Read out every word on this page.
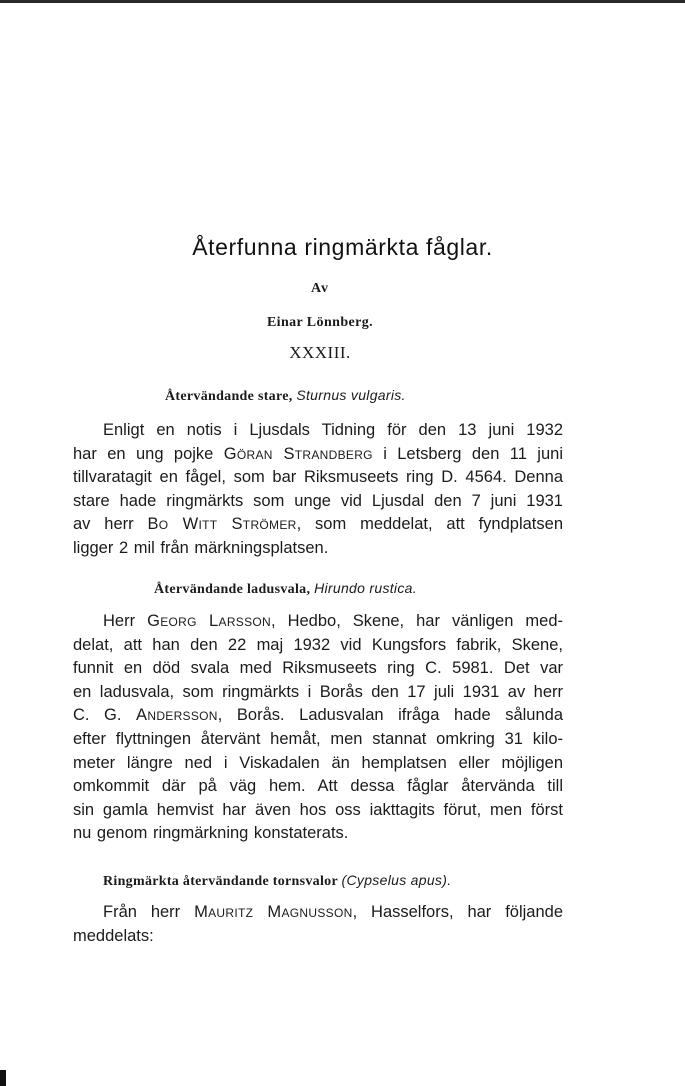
Återfunna ringmärkta fåglar.
Av
Einar Lönnberg.
XXXIII.
Återvändande stare, Sturnus vulgaris.
Enligt en notis i Ljusdals Tidning för den 13 juni 1932
har en ung pojke Göran Strandberg i Letsberg den 11 juni
tillvaratagit en fågel, som bar Riksmuseets ring D. 4564. Denna
stare hade ringmärkts som unge vid Ljusdal den 7 juni 1931
av herr Bo Witt Strömer, som meddelat, att fyndplatsen
ligger 2 mil från märkningsplatsen.
Återvändande ladusvala, Hirundo rustica.
Herr Georg Larsson, Hedbo, Skene, har vänligen med-
delat, att han den 22 maj 1932 vid Kungsfors fabrik, Skene,
funnit en död svala med Riksmuseets ring C. 5981. Det var
en ladusvala, som ringmärkts i Borås den 17 juli 1931 av herr
C. G. Andersson, Borås. Ladusvalan ifråga hade sålunda
efter flyttningen återvänt hemåt, men stannat omkring 31 kilo-
meter längre ned i Viskadalen än hemplatsen eller möjligen
omkommit där på väg hem. Att dessa fåglar återvända till
sin gamla hemvist har även hos oss iakttagits förut, men först
nu genom ringmärkning konstaterats.
Ringmärkta återvändande tornsvalor (Cypselus apus).
Från herr Mauritz Magnusson, Hasselfors, har följande
meddelats:
